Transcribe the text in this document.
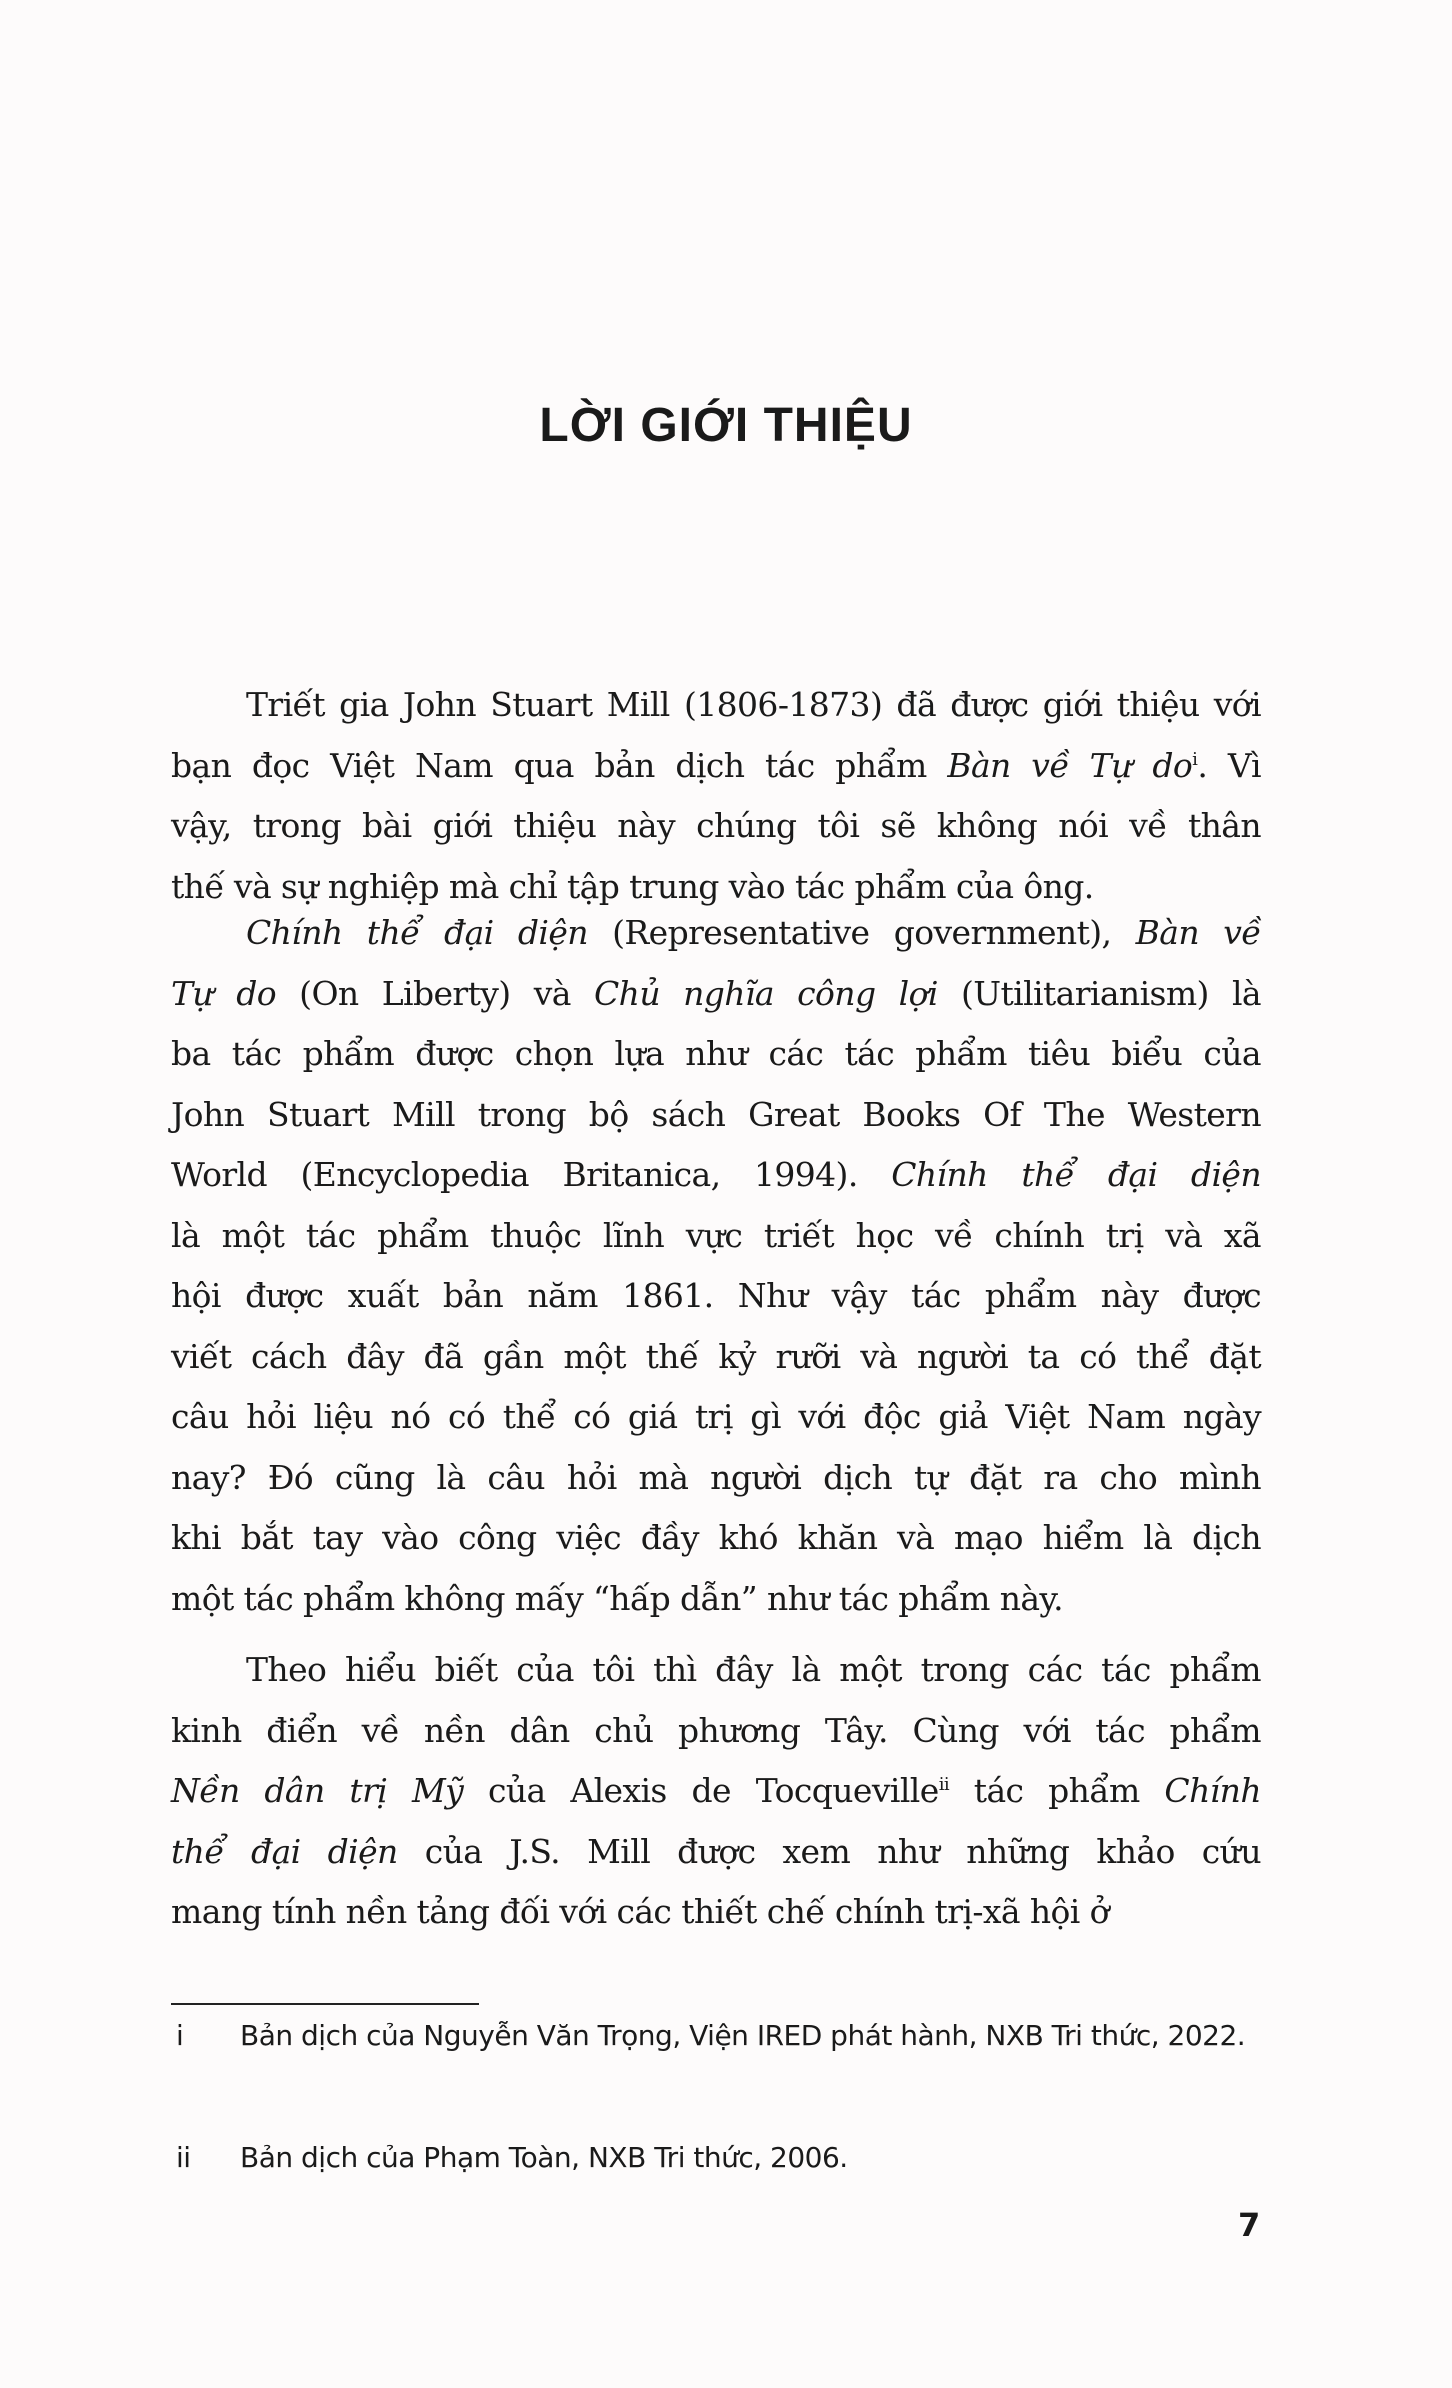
LỜI GIỚI THIỆU
Triết gia John Stuart Mill (1806-1873) đã được giới thiệu với
bạn đọc Việt Nam qua bản dịch tác phẩm Bàn về Tự $do^i$. Vì
vậy, trong bài giới thiệu này chúng tôi sẽ không nói về thân
thế và sự nghiệp mà chỉ tập trung vào tác phẩm của ông.
Chính thể đại diện (Representative government), Bàn về
Tự do (On Liberty) và Chủ nghĩa công lợi (Utilitarianism) là
ba tác phẩm được chọn lựa như các tác phẩm tiêu biểu của
John Stuart Mill trong bộ sách Great Books Of The Western
World (Encyclopedia Britanica, 1994). Chính thể đại diện
là một tác phẩm thuộc lĩnh vực triết học về chính trị và xã
hội được xuất bản năm 1861. Như vậy tác phẩm này được
viết cách đây đã gần một thế kỷ rưỡi và người ta có thể đặt
câu hỏi liệu nó có thể có giá trị gì với độc giả Việt Nam ngày
nay? Đó cũng là câu hỏi mà người dịch tự đặt ra cho mình
khi bắt tay vào công việc đầy khó khăn và mạo hiểm là dịch
một tác phẩm không mấy “hấp dẫn” như tác phẩm này.
Theo hiểu biết của tôi thì đây là một trong các tác phẩm
kinh điển về nền dân chủ phương Tây. Cùng với tác phẩm
Nền dân trị Mỹ của Alexis de Tocqueville$^{ii}$ tác phẩm Chính
thể đại diện của J.S. Mill được xem như những khảo cứu
mang tính nền tảng đối với các thiết chế chính trị-xã hội ở
i Bản dịch của Nguyễn Văn Trọng, Viện IRED phát hành, NXB Tri thức, 2022.
ii Bản dịch của Phạm Toàn, NXB Tri thức, 2006.
7
